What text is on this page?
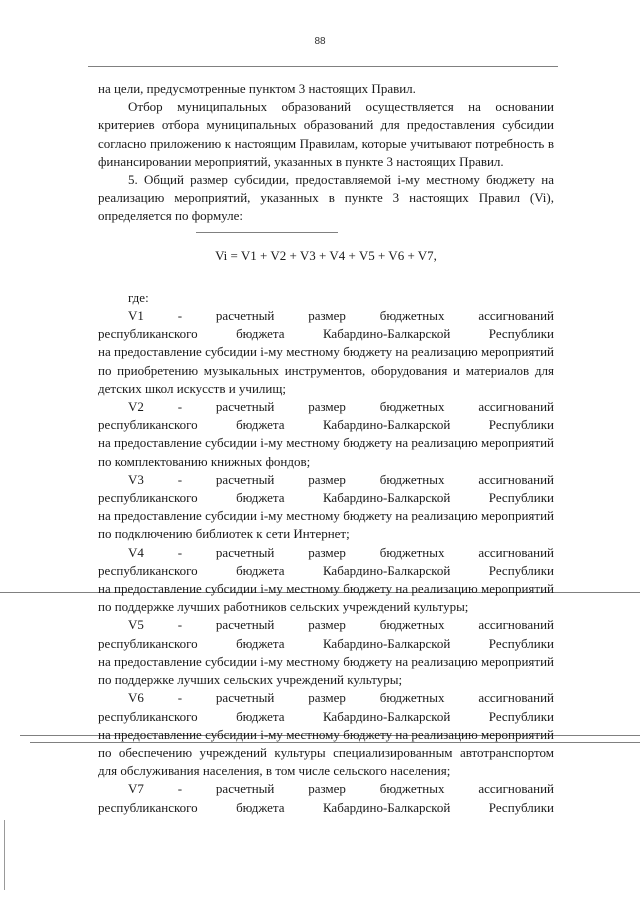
88

на цели, предусмотренные пунктом 3 настоящих Правил.

Отбор муниципальных образований осуществляется на основании критериев отбора муниципальных образований для предоставления субсидии согласно приложению к настоящим Правилам, которые учитывают потребность в финансировании мероприятий, указанных в пункте 3 настоящих Правил.

5. Общий размер субсидии, предоставляемой i-му местному бюджету на реализацию мероприятий, указанных в пункте 3 настоящих Правил (Vi), определяется по формуле:

Vi = V1 + V2 + V3 + V4 + V5 + V6 + V7,

где:

V1	-	расчетный	размер	бюджетных	ассигнований
республиканского	бюджета	Кабардино-Балкарской	Республики
на предоставление субсидии i-му местному бюджету на реализацию мероприятий по приобретению музыкальных инструментов, оборудования и материалов для детских школ искусств и училищ;
V2	-	расчетный	размер	бюджетных	ассигнований
республиканского	бюджета	Кабардино-Балкарской	Республики
на предоставление субсидии i-му местному бюджету на реализацию мероприятий по комплектованию книжных фондов;
V3	-	расчетный	размер	бюджетных	ассигнований
республиканского	бюджета	Кабардино-Балкарской	Республики
на предоставление субсидии i-му местному бюджету на реализацию мероприятий по подключению библиотек к сети Интернет;
V4	-	расчетный	размер	бюджетных	ассигнований
республиканского	бюджета	Кабардино-Балкарской	Республики
на предоставление субсидии i-му местному бюджету на реализацию мероприятий по поддержке лучших работников сельских учреждений культуры;
V5	-	расчетный	размер	бюджетных	ассигнований
республиканского	бюджета	Кабардино-Балкарской	Республики
на предоставление субсидии i-му местному бюджету на реализацию мероприятий по поддержке лучших сельских учреждений культуры;
V6	-	расчетный	размер	бюджетных	ассигнований
республиканского	бюджета	Кабардино-Балкарской	Республики
на предоставление субсидии i-му местному бюджету на реализацию мероприятий по обеспечению учреждений культуры специализированным автотранспортом для обслуживания населения, в том числе сельского населения;
V7	-	расчетный	размер	бюджетных	ассигнований
республиканского	бюджета	Кабардино-Балкарской	Республики
